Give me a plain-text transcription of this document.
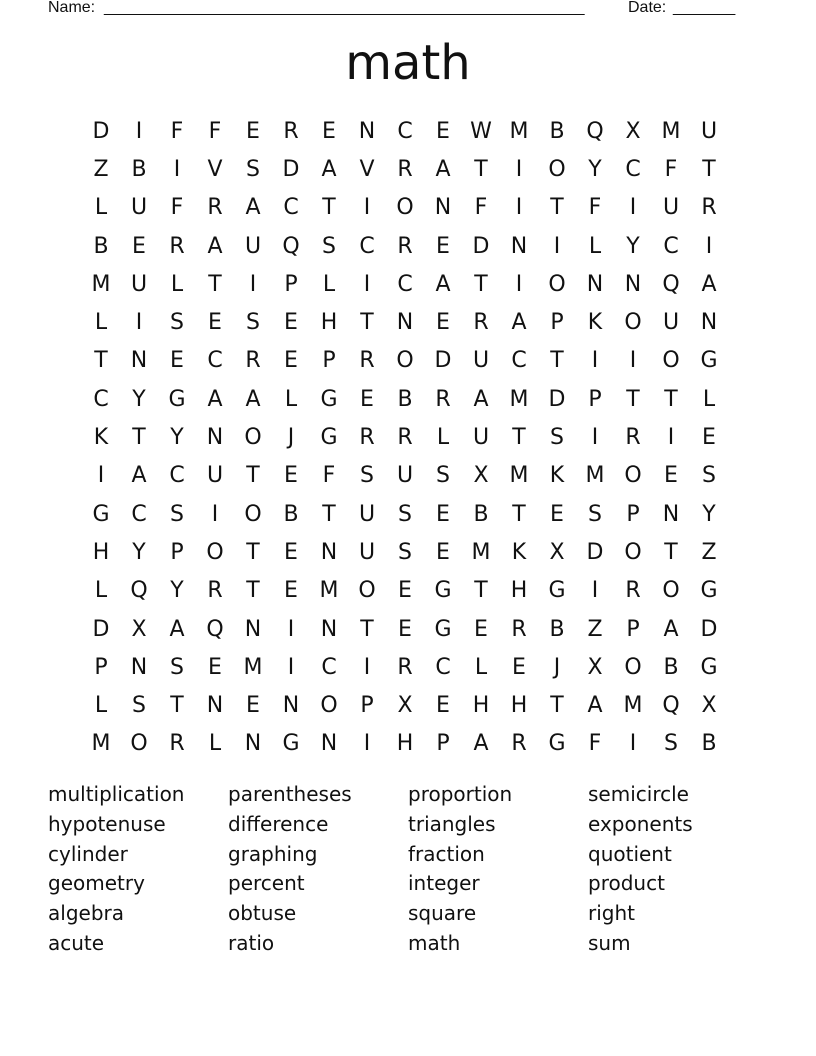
Name: ______________________________________________________	Date: _______
math
D	I	F	F	E	R	E	N	C	E W M B Q X M U
Z	B	I	V	S	D	A	V	R	A	T	I	O	Y	C	F	T
L	U	F	R	A	C	T	I	O N	F	I	T	F	I	U	R
B	E	R	A	U Q	S	C	R	E	D N	I	L	Y	C	I
M U	L	T	I	P	L	I	C	A	T	I	O N N Q A
L	I	S	E	S	E	H	T	N	E	R	A	P	K	O U N
T	N	E	C	R	E	P	R O D U	C	T	I	I	O G
C	Y	G A	A	L	G	E	B	R	A M D	P	T	T	L
K	T	Y	N O	J	G R	R	L	U	T	S	I	R	I	E
I	A	C	U	T	E	F	S	U	S	X M K M O	E	S
G C	S	I	O B	T	U	S	E	B	T	E	S	P	N	Y
H	Y	P	O	T	E	N U	S	E M K	X D O	T	Z
L	Q	Y	R	T	E M O	E	G	T	H G	I	R O G
D X	A Q N	I	N	T	E	G	E	R	B	Z	P	A D
P	N	S	E M	I	C	I	R	C	L	E	J	X O B G
L	S	T	N	E	N O	P	X	E	H H	T	A M Q X
M O R	L	N G N	I	H	P	A	R G	F	I	S	B
multiplication	parentheses	proportion	semicircle
hypotenuse	difference	triangles	exponents
cylinder	graphing	fraction	quotient
geometry	percent	integer	product
algebra	obtuse	square	right
acute	ratio	math	sum
